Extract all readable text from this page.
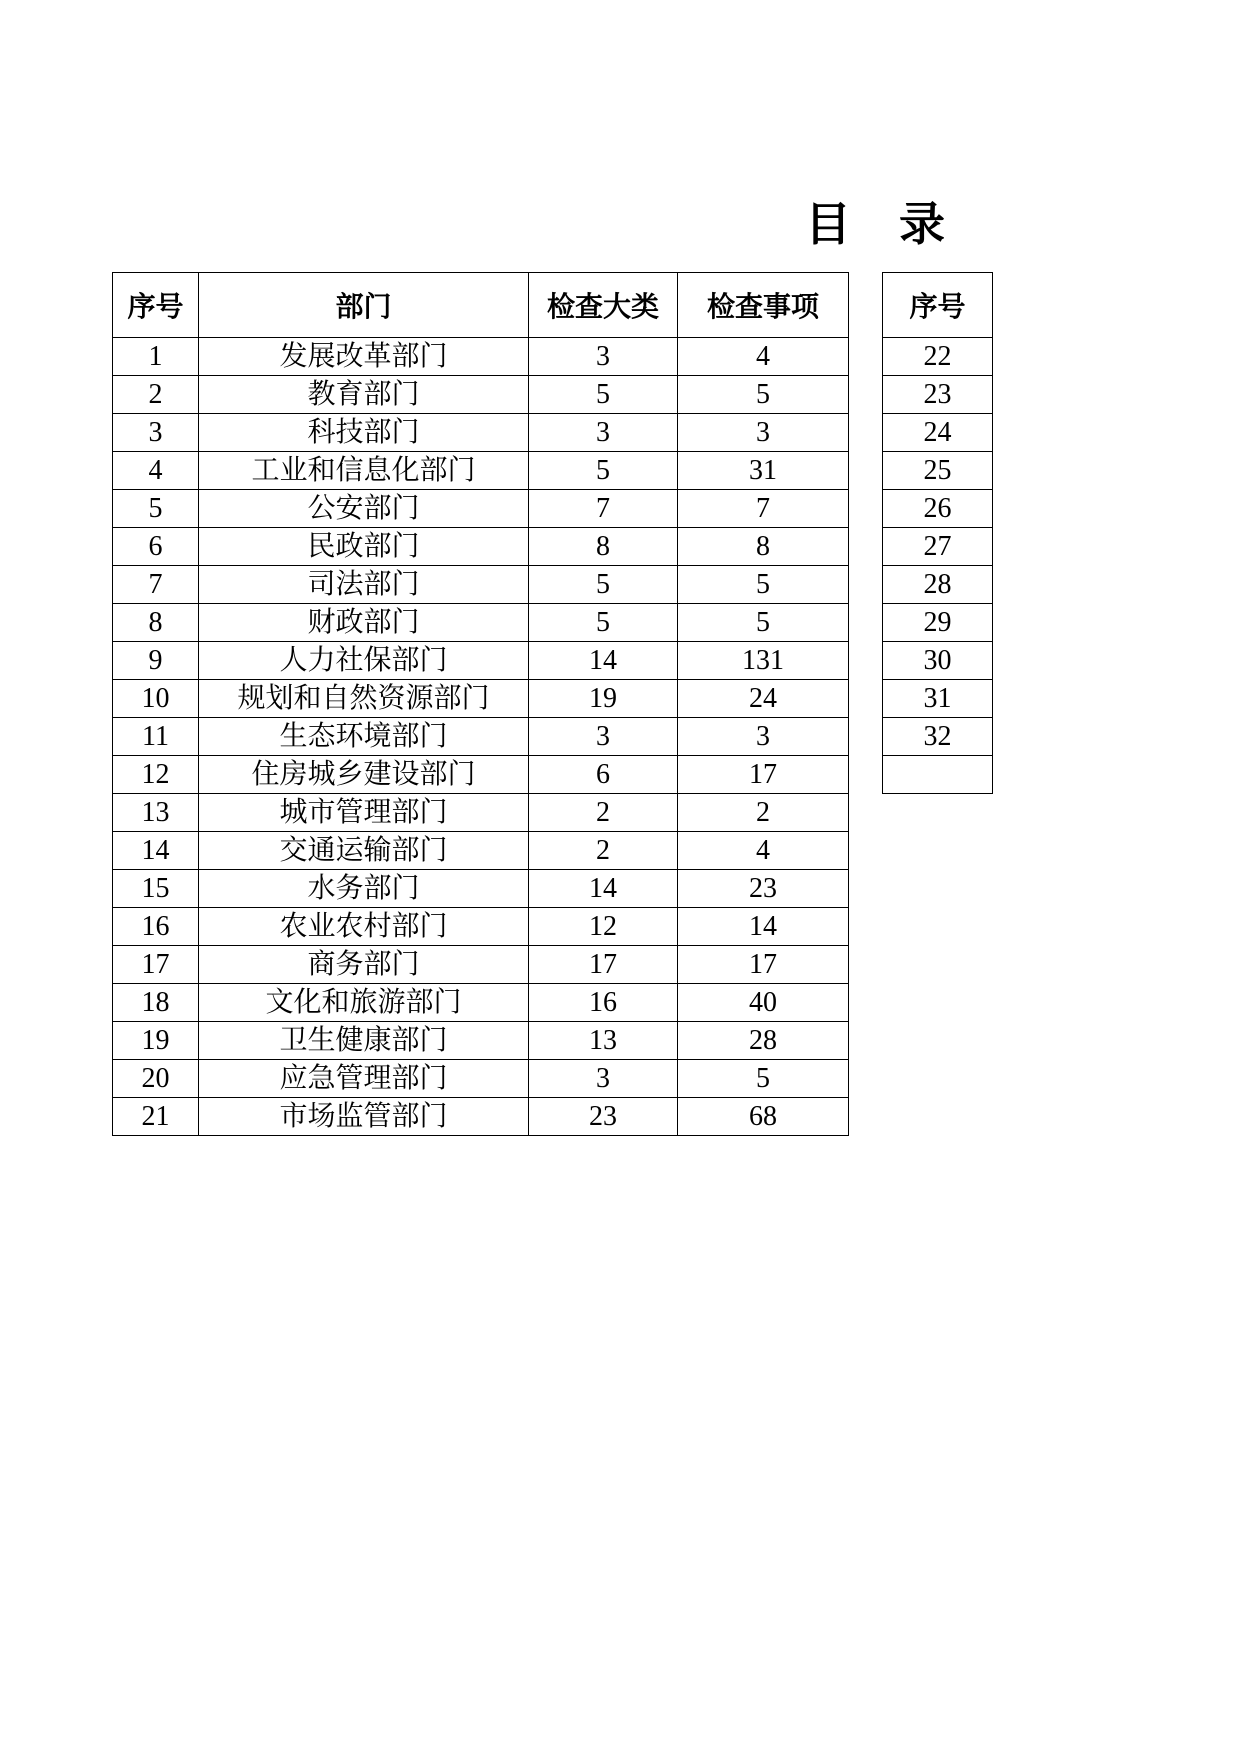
目 录
序号	部门	检查大类	检查事项
1	发展改革部门	3	4
2	教育部门	5	5
3	科技部门	3	3
4	工业和信息化部门	5	31
5	公安部门	7	7
6	民政部门	8	8
7	司法部门	5	5
8	财政部门	5	5
9	人力社保部门	14	131
10	规划和自然资源部门	19	24
11	生态环境部门	3	3
12	住房城乡建设部门	6	17
13	城市管理部门	2	2
14	交通运输部门	2	4
15	水务部门	14	23
16	农业农村部门	12	14
17	商务部门	17	17
18	文化和旅游部门	16	40
19	卫生健康部门	13	28
20	应急管理部门	3	5
21	市场监管部门	23	68
序号
22
23
24
25
26
27
28
29
30
31
32
